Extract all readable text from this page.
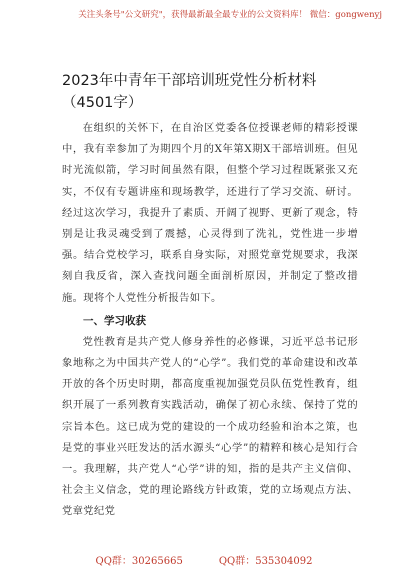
关注头条号"公文研究"，获得最新最全最专业的公文资料库！ 微信：gongwenyj
2023年中青年干部培训班党性分析材料（4501字）

在组织的关怀下，在自治区党委各位授课老师的精彩授课中，我有幸参加了为期四个月的X年第X期X干部培训班。但见时光流似箭，学习时间虽然有限，但整个学习过程既紧张又充实，不仅有专题讲座和现场教学，还进行了学习交流、研讨。经过这次学习，我提升了素质、开阔了视野、更新了观念，特别是让我灵魂受到了震撼，心灵得到了洗礼，党性进一步增强。结合党校学习，联系自身实际，对照党章党规要求，我深刻自我反省，深入查找问题全面剖析原因，并制定了整改措施。现将个人党性分析报告如下。

一、学习收获

党性教育是共产党人修身养性的必修课，习近平总书记形象地称之为中国共产党人的“心学”。我们党的革命建设和改革开放的各个历史时期，都高度重视加强党员队伍党性教育，组织开展了一系列教育实践活动，确保了初心永续、保持了党的宗旨本色。这已成为党的建设的一个成功经验和治本之策，也是党的事业兴旺发达的活水源头“心学”的精粹和核心是知行合一。我理解，共产党人“心学”讲的知，指的是共产主义信仰、社会主义信念，党的理论路线方针政策，党的立场观点方法、党章党纪党

QQ群：30265665	QQ群：535304092
